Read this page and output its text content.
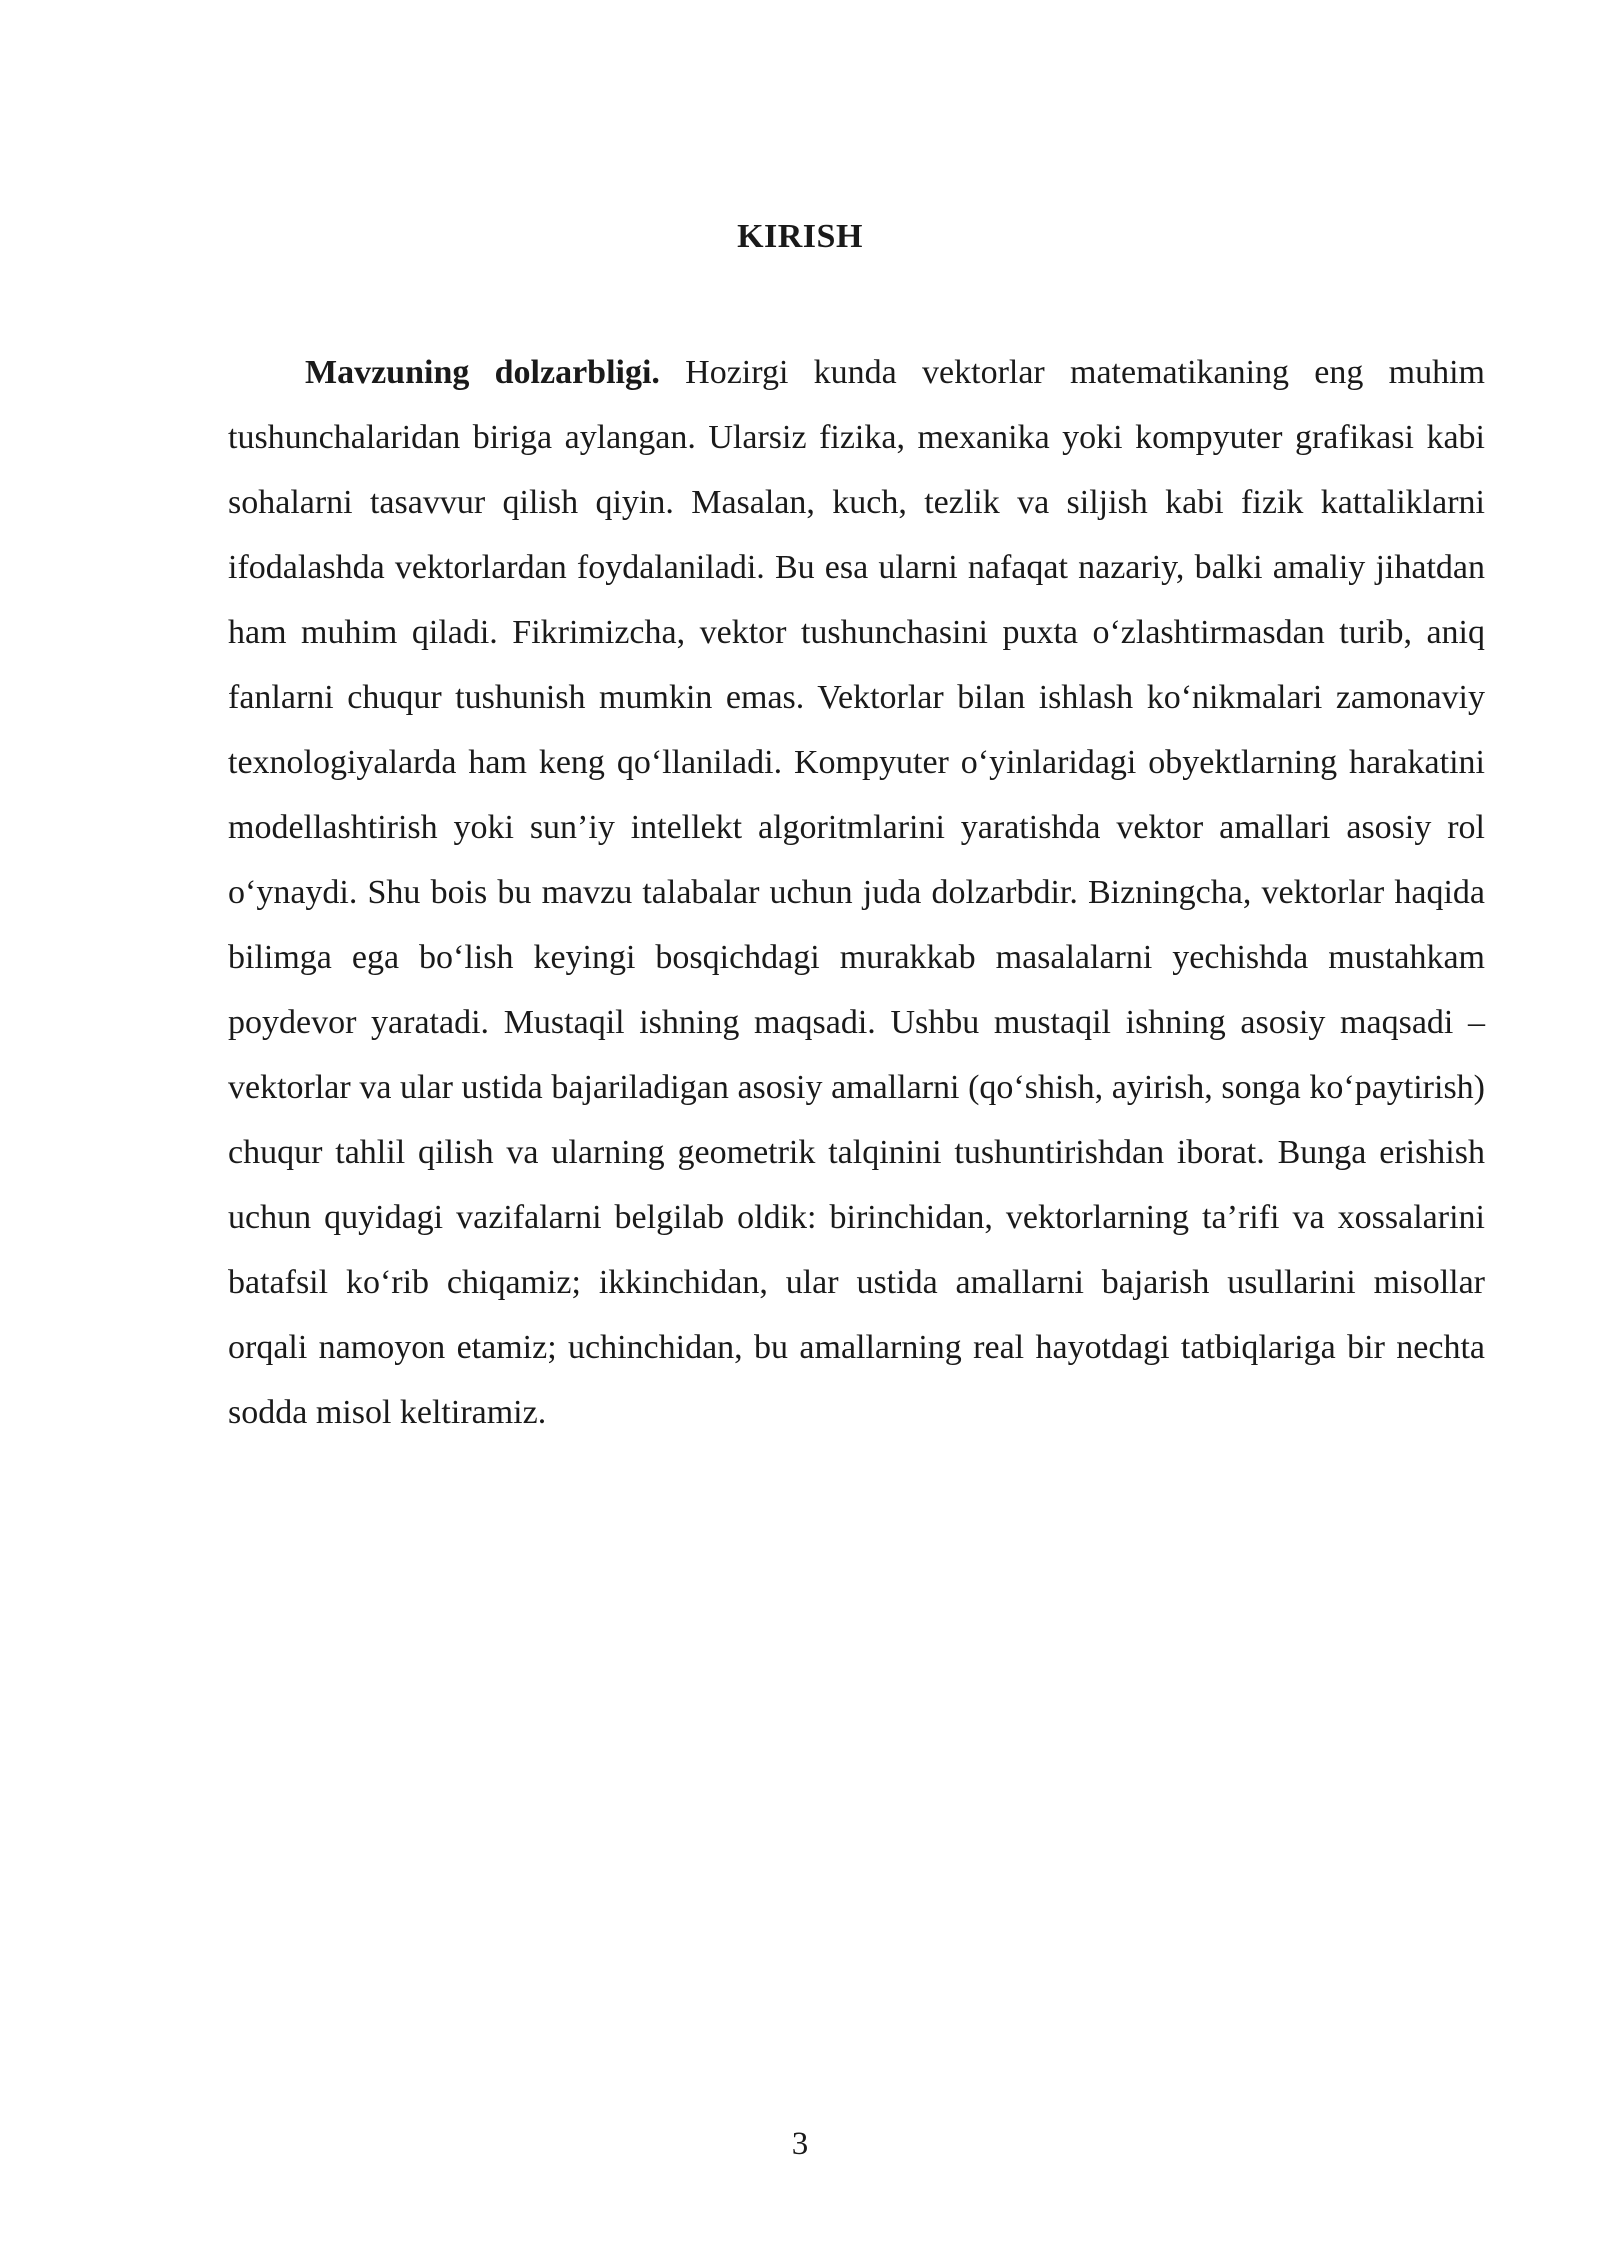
KIRISH

Mavzuning dolzarbligi. Hozirgi kunda vektorlar matematikaning eng muhim tushunchalaridan biriga aylangan. Ularsiz fizika, mexanika yoki kompyuter grafikasi kabi sohalarni tasavvur qilish qiyin. Masalan, kuch, tezlik va siljish kabi fizik kattaliklarni ifodalashda vektorlardan foydalaniladi. Bu esa ularni nafaqat nazariy, balki amaliy jihatdan ham muhim qiladi. Fikrimizcha, vektor tushunchasini puxta o‘zlashtirmasdan turib, aniq fanlarni chuqur tushunish mumkin emas. Vektorlar bilan ishlash ko‘nikmalari zamonaviy texnologiyalarda ham keng qo‘llaniladi. Kompyuter o‘yinlaridagi obyektlarning harakatini modellashtirish yoki sun’iy intellekt algoritmlarini yaratishda vektor amallari asosiy rol o‘ynaydi. Shu bois bu mavzu talabalar uchun juda dolzarbdir. Bizningcha, vektorlar haqida bilimga ega bo‘lish keyingi bosqichdagi murakkab masalalarni yechishda mustahkam poydevor yaratadi. Mustaqil ishning maqsadi. Ushbu mustaqil ishning asosiy maqsadi – vektorlar va ular ustida bajariladigan asosiy amallarni (qo‘shish, ayirish, songa ko‘paytirish) chuqur tahlil qilish va ularning geometrik talqinini tushuntirishdan iborat. Bunga erishish uchun quyidagi vazifalarni belgilab oldik: birinchidan, vektorlarning ta’rifi va xossalarini batafsil ko‘rib chiqamiz; ikkinchidan, ular ustida amallarni bajarish usullarini misollar orqali namoyon etamiz; uchinchidan, bu amallarning real hayotdagi tatbiqlariga bir nechta sodda misol keltiramiz.

3
